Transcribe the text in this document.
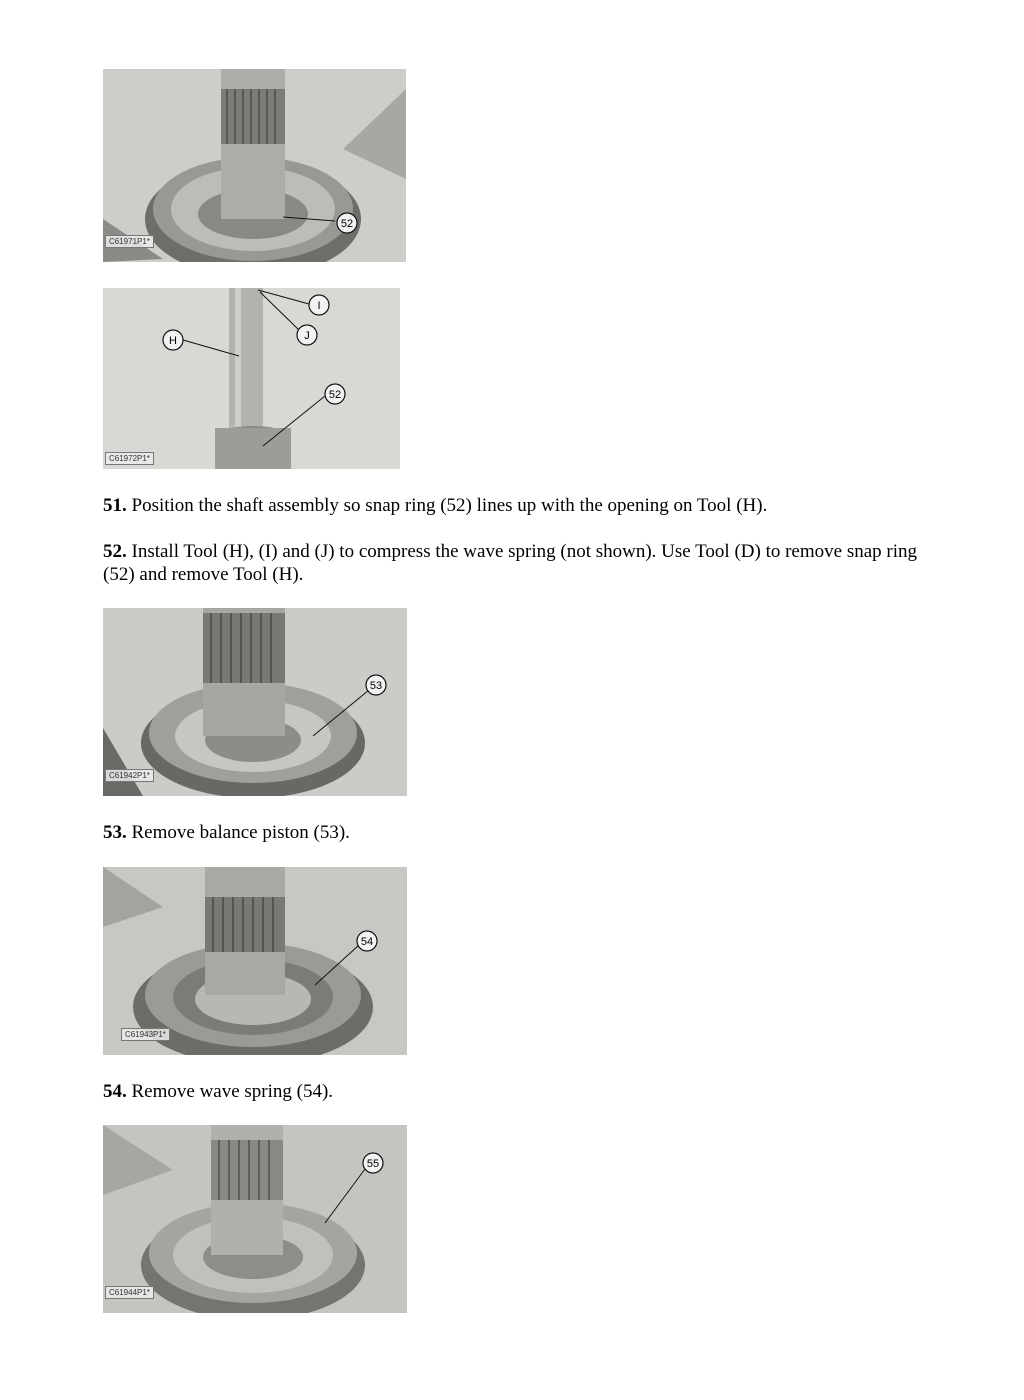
52
C61971P1*
I
J
H
52
C61972P1*

51. Position the shaft assembly so snap ring (52) lines up with the opening on Tool (H).

52. Install Tool (H), (I) and (J) to compress the wave spring (not shown). Use Tool (D) to remove snap ring (52) and remove Tool (H).

53
C61942P1*

53. Remove balance piston (53).

54
C61943P1*

54. Remove wave spring (54).

55
C61944P1*
